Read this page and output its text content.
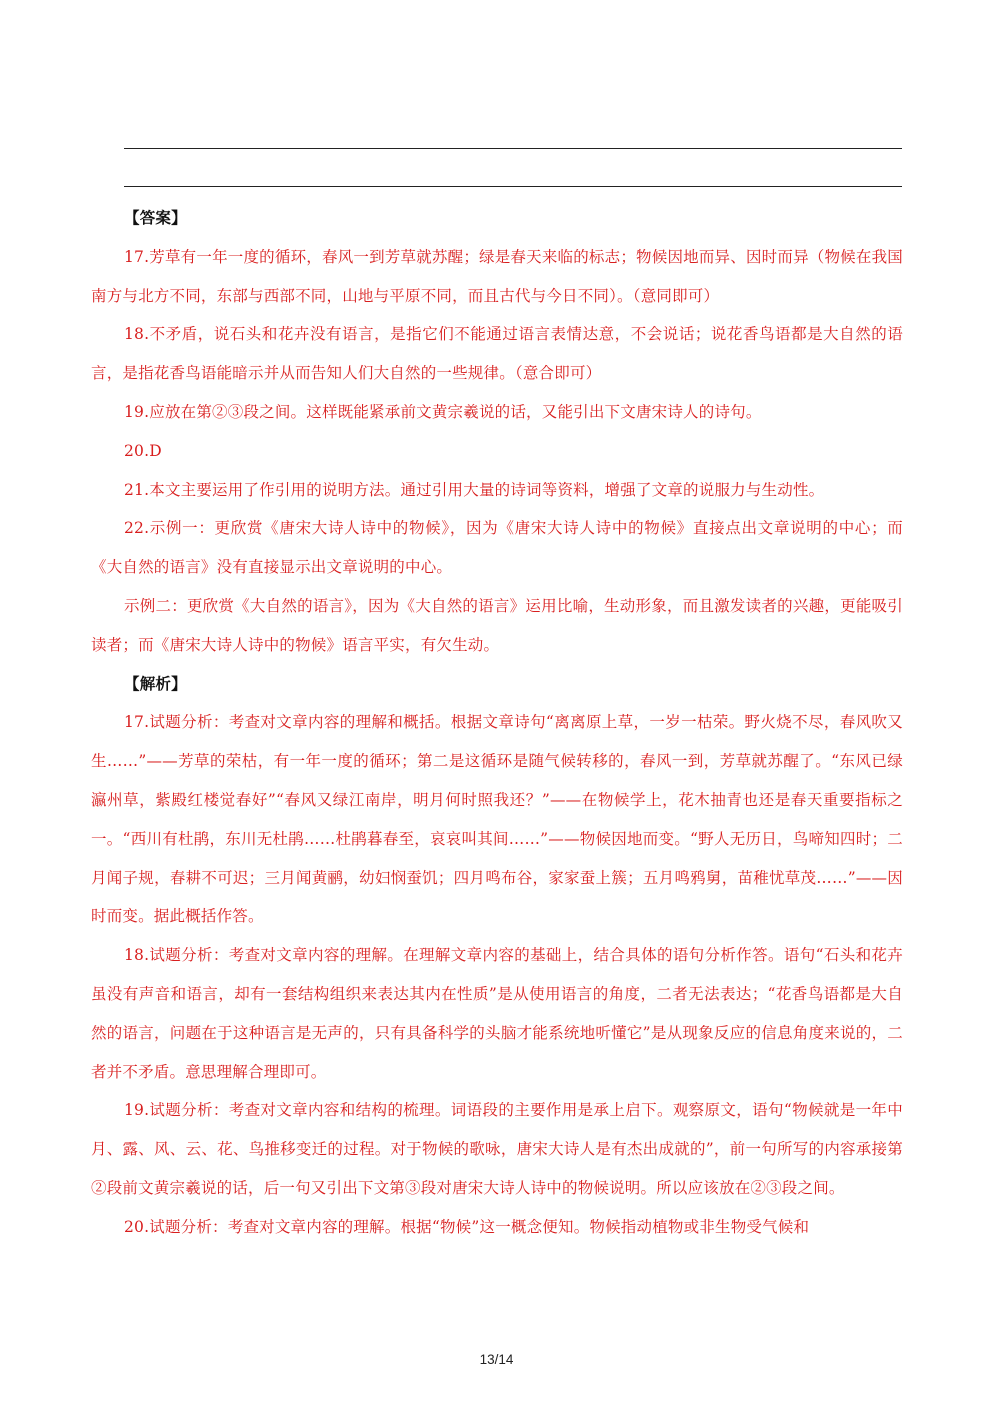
【答案】

17.芳草有一年一度的循环，春风一到芳草就苏醒；绿是春天来临的标志；物候因地而异、因时而异（物候在我国南方与北方不同，东部与西部不同，山地与平原不同，而且古代与今日不同）。（意同即可）

18.不矛盾，说石头和花卉没有语言，是指它们不能通过语言表情达意，不会说话；说花香鸟语都是大自然的语言，是指花香鸟语能暗示并从而告知人们大自然的一些规律。（意合即可）

19.应放在第②③段之间。这样既能紧承前文黄宗羲说的话，又能引出下文唐宋诗人的诗句。

20.D

21.本文主要运用了作引用的说明方法。通过引用大量的诗词等资料，增强了文章的说服力与生动性。

22.示例一：更欣赏《唐宋大诗人诗中的物候》，因为《唐宋大诗人诗中的物候》直接点出文章说明的中心；而《大自然的语言》没有直接显示出文章说明的中心。

示例二：更欣赏《大自然的语言》，因为《大自然的语言》运用比喻，生动形象，而且激发读者的兴趣，更能吸引读者；而《唐宋大诗人诗中的物候》语言平实，有欠生动。

【解析】

17.试题分析：考查对文章内容的理解和概括。根据文章诗句“离离原上草，一岁一枯荣。野火烧不尽，春风吹又生……”——芳草的荣枯，有一年一度的循环；第二是这循环是随气候转移的，春风一到，芳草就苏醒了。“东风已绿瀛州草，紫殿红楼觉春好”“春风又绿江南岸，明月何时照我还？”——在物候学上，花木抽青也还是春天重要指标之一。“西川有杜鹃，东川无杜鹃……杜鹃暮春至，哀哀叫其间……”——物候因地而变。“野人无历日，鸟啼知四时；二月闻子规，春耕不可迟；三月闻黄鹂，幼妇悯蚕饥；四月鸣布谷，家家蚕上簇；五月鸣鸦舅，苗稚忧草茂……”——因时而变。据此概括作答。

18.试题分析：考查对文章内容的理解。在理解文章内容的基础上，结合具体的语句分析作答。语句“石头和花卉虽没有声音和语言，却有一套结构组织来表达其内在性质”是从使用语言的角度，二者无法表达；“花香鸟语都是大自然的语言，问题在于这种语言是无声的，只有具备科学的头脑才能系统地听懂它”是从现象反应的信息角度来说的，二者并不矛盾。意思理解合理即可。

19.试题分析：考查对文章内容和结构的梳理。词语段的主要作用是承上启下。观察原文，语句“物候就是一年中月、露、风、云、花、鸟推移变迁的过程。对于物候的歌咏，唐宋大诗人是有杰出成就的”，前一句所写的内容承接第②段前文黄宗羲说的话，后一句又引出下文第③段对唐宋大诗人诗中的物候说明。所以应该放在②③段之间。

20.试题分析：考查对文章内容的理解。根据“物候”这一概念便知。物候指动植物或非生物受气候和

13/14
